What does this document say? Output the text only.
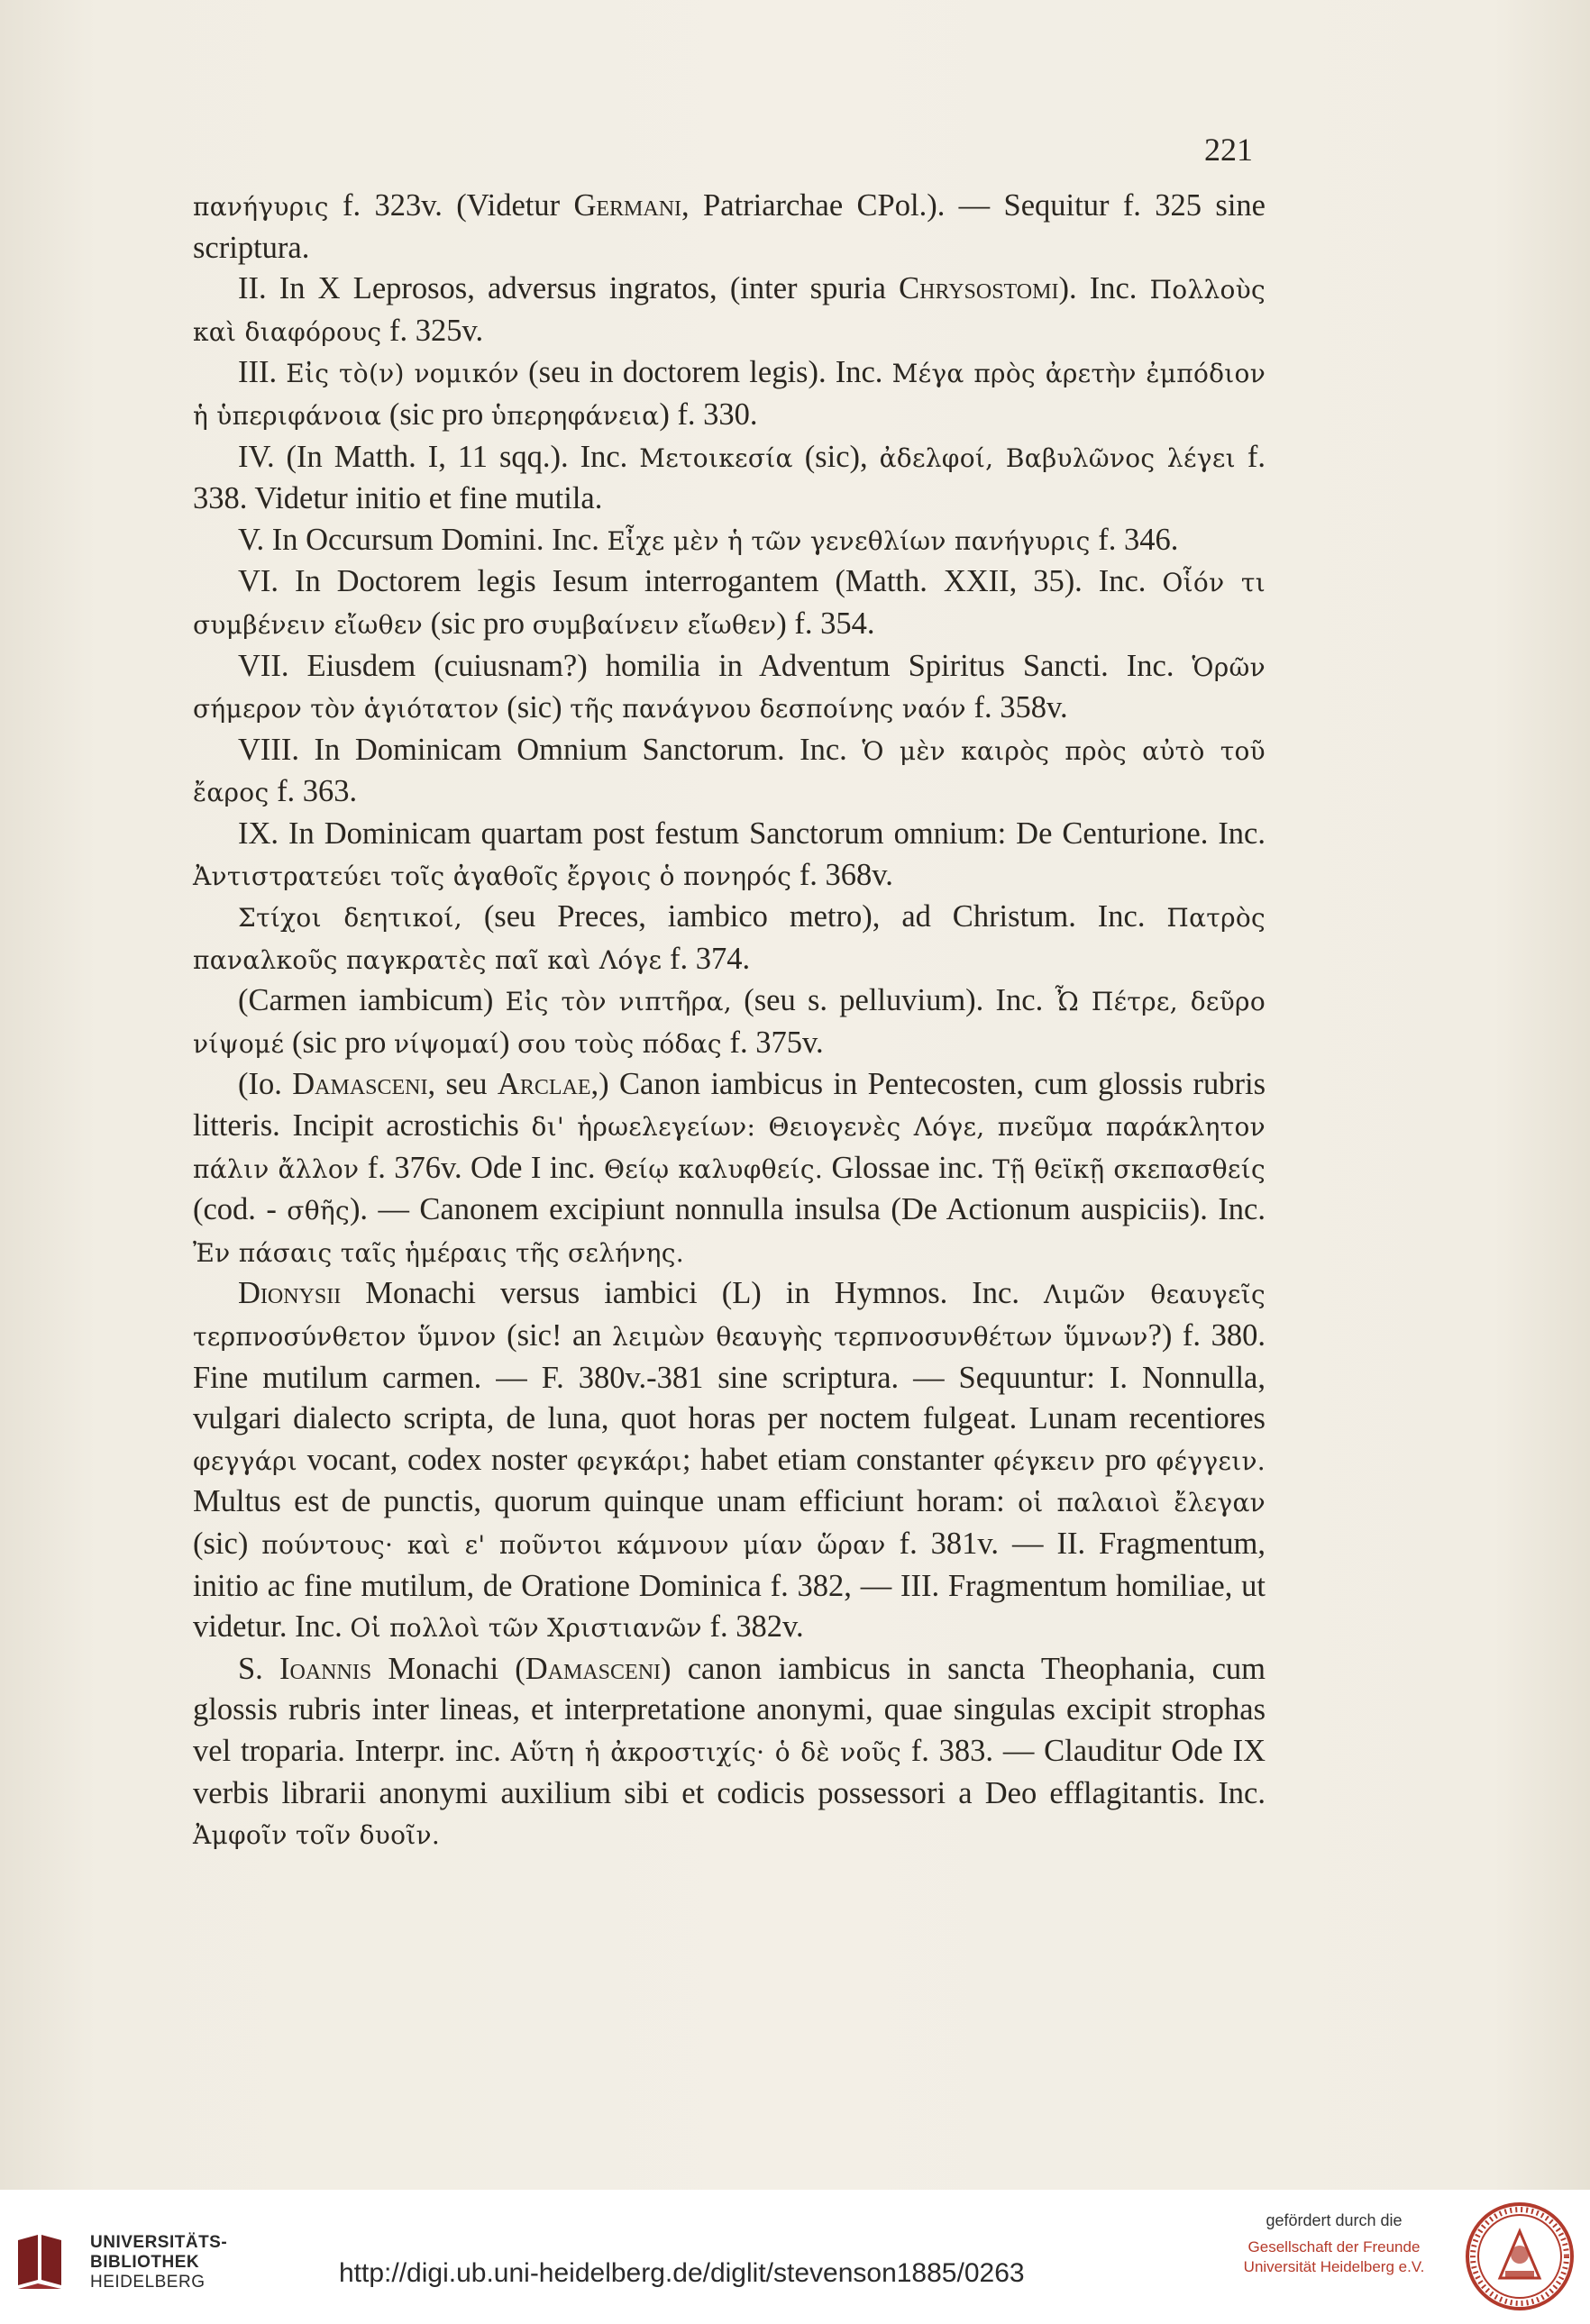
221

πανήγυρις f. 323v. (Videtur Germani, Patriarchae CPol.). — Sequitur f. 325 sine scriptura.

II. In X Leprosos, adversus ingratos, (inter spuria Chrysostomi). Inc. Πολλοὺς καὶ διαφόρους f. 325v.

III. Εἰς τὸ(ν) νομικόν (seu in doctorem legis). Inc. Μέγα πρὸς ἀρετὴν ἐμπόδιον ἡ ὑπεριφάνοια (sic pro ὑπερηφάνεια) f. 330.

IV. (In Matth. I, 11 sqq.). Inc. Μετοικεσία (sic), ἀδελφοί, Βαβυλῶνος λέγει f. 338. Videtur initio et fine mutila.

V. In Occursum Domini. Inc. Εἶχε μὲν ἡ τῶν γενεθλίων πανήγυρις f. 346.

VI. In Doctorem legis Iesum interrogantem (Matth. XXII, 35). Inc. Οἷόν τι συμβένειν εἴωθεν (sic pro συμβαίνειν εἴωθεν) f. 354.

VII. Eiusdem (cuiusnam?) homilia in Adventum Spiritus Sancti. Inc. Ὁρῶν σήμερον τὸν ἁγιότατον (sic) τῆς πανάγνου δεσποίνης ναόν f. 358v.

VIII. In Dominicam Omnium Sanctorum. Inc. Ὁ μὲν καιρὸς πρὸς αὐτὸ τοῦ ἔαρος f. 363.

IX. In Dominicam quartam post festum Sanctorum omnium: De Centurione. Inc. Ἀντιστρατεύει τοῖς ἀγαθοῖς ἔργοις ὁ πονηρός f. 368v.

Στίχοι δεητικοί, (seu Preces, iambico metro), ad Christum. Inc. Πατρὸς παναλκοῦς παγκρατὲς παῖ καὶ Λόγε f. 374.

(Carmen iambicum) Εἰς τὸν νιπτῆρα, (seu s. pelluvium). Inc. Ὦ Πέτρε, δεῦρο νίψομέ (sic pro νίψομαί) σου τοὺς πόδας f. 375v.

(Io. Damasceni, seu Arclae,) Canon iambicus in Pentecosten, cum glossis rubris litteris. Incipit acrostichis δι' ἡρωελεγείων: Θειογενὲς Λόγε, πνεῦμα παράκλητον πάλιν ἄλλον f. 376v. Ode I inc. Θείῳ καλυφθείς. Glossae inc. Τῇ θεϊκῇ σκεπασθείς (cod. - σθῆς). — Canonem excipiunt nonnulla insulsa (De Actionum auspiciis). Inc. Ἐν πάσαις ταῖς ἡμέραις τῆς σελήνης.

Dionysii Monachi versus iambici (L) in Hymnos. Inc. Λιμῶν θεαυγεῖς τερπνοσύνθετον ὕμνον (sic! an λειμὼν θεαυγὴς τερπνοσυνθέτων ὕμνων?) f. 380. Fine mutilum carmen. — F. 380v.-381 sine scriptura. — Sequuntur: I. Nonnulla, vulgari dialecto scripta, de luna, quot horas per noctem fulgeat. Lunam recentiores φεγγάρι vocant, codex noster φεγκάρι; habet etiam constanter φέγκειν pro φέγγειν. Multus est de punctis, quorum quinque unam efficiunt horam: οἱ παλαιοὶ ἔλεγαν (sic) πούντους· καὶ ε' ποῦντοι κάμνουν μίαν ὥραν f. 381v. — II. Fragmentum, initio ac fine mutilum, de Oratione Dominica f. 382, — III. Fragmentum homiliae, ut videtur. Inc. Οἱ πολλοὶ τῶν Χριστιανῶν f. 382v.

S. Ioannis Monachi (Damasceni) canon iambicus in sancta Theophania, cum glossis rubris inter lineas, et interpretatione anonymi, quae singulas excipit strophas vel troparia. Interpr. inc. Αὕτη ἡ ἀκροστιχίς· ὁ δὲ νοῦς f. 383. — Clauditur Ode IX verbis librarii anonymi auxilium sibi et codicis possessori a Deo efflagitantis. Inc. Ἀμφοῖν τοῖν δυοῖν.

UNIVERSITÄTS-
BIBLIOTHEK
HEIDELBERG	http://digi.ub.uni-heidelberg.de/diglit/stevenson1885/0263
gefördert durch die
Gesellschaft der Freunde
Universität Heidelberg e.V.
